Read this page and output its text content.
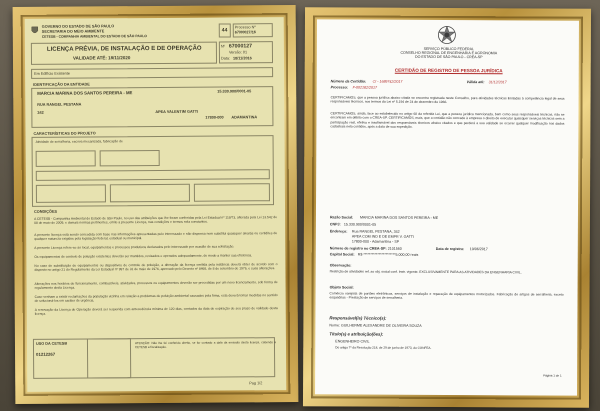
GOVERNO DO ESTADO DE SÃO PAULO
SECRETARIA DO MEIO AMBIENTE
CETESB - COMPANHIA AMBIENTAL DO ESTADO DE SÃO PAULO
44
Processo Nº
67/00027/16
LICENÇA PRÉVIA, DE INSTALAÇÃO E DE OPERAÇÃO
VALIDADE ATÉ: 18/11/2020
Nº 67000127
Versão: 01
Data: 18/11/2016
Em Edifício Existente
IDENTIFICAÇÃO DA ENTIDADE
MARCIA MARINA DOS SANTOS PEREIRA - ME	15.330.900/0001-05
RUA RANGEL PESTANA
342	APEA VALENTIM GATTI
17800-000 ADAMANTINA
CARACTERÍSTICAS DO PROJETO
Atividade de serralheria, escova mecanizada, fabricação de
CONDIÇÕES
A CETESB - Companhia Ambiental do Estado de São Paulo, no uso das atribuições que lhe foram conferidas pela Lei Estadual nº 118/73, alterada pela Lei 13.542 de 08 de maio de 2009, e demais normas pertinentes, emite a presente Licença, nas condições e termos nela constantes.
A presente licença está sendo concedida com base nas informações apresentadas pelo interessado e não dispensa nem substitui quaisquer alvarás ou certidões de qualquer natureza exigidos pela legislação federal, estadual ou municipal.
A presente Licença refere-se ao local, equipamentos e processos produtivos declarados pelo interessado por ocasião de sua solicitação.
Os equipamentos de controle de poluição existentes deverão ser mantidos, revisados e operados adequadamente, de modo a manter sua eficiência.
No caso de substituição de equipamentos ou dispositivos de controle de poluição, a alteração da licença emitida pela instância deverá obter de acordo com o disposto no artigo 21 do Regulamento da Lei Estadual nº 997 de 31 de maio de 1976, aprovado pelo Decreto nº 8468, de 8 de setembro de 1976, e suas alterações.
Alterações nos horários de funcionamento, combustíveis, atividades, processos ou equipamentos deverão ser precedidas por um novo licenciamento, sob forma de regulamento desta Licença.
Caso venham a existir reclamações da população vizinha em relação a problemas de poluição ambiental causados pela firma, esta deverá tomar medidas no sentido de solucioná-los em caráter de urgência.
A renovação da Licença de Operação deverá ser requerida com antecedência mínima de 120 dias, contados da data de expiração de seu prazo de validade desta licença.
USO DA CETESB
01212267
ATENÇÃO: Não lhe foi conferido direito, se for contado a data da emissão desta licença, cabendo a CETESB a fiscalização.
Pag 1/2
SERVIÇO PÚBLICO FEDERAL
CONSELHO REGIONAL DE ENGENHARIA E AGRONOMIA
DO ESTADO DE SÃO PAULO - CREA-SP
CERTIDÃO DE REGISTRO DE PESSOA JURÍDICA
Número da Certidão: CI - 1689742/2017	Válida até: 31/12/2017
Processo: F-002182/2017
CERTIFICAMOS, que a pessoa jurídica abaixo citada se encontra registrada neste Conselho, para atividades técnicas limitadas à competência legal de seus responsáveis técnicos, nos termos da Lei nº 5.194 de 24 de dezembro de 1966.
CERTIFICAMOS, ainda, face ao estabelecido no artigo 68 da referida Lei, que a pessoa jurídica mencionada, bem como seus responsáveis técnicos, não se encontram em débito com o CREA-SP. CERTIFICAMOS, mais, que a certidão não concede à empresa o direito de executar quaisquer serviços técnicos sem a participação real, efetiva e insofismável dos responsáveis técnicos abaixo citados e que perderá a sua validade se ocorrer qualquer modificação nos dados cadastrais nela contidos, após a data de sua expedição.
Razão Social: MARCIA MARINA DOS SANTOS PEREIRA - ME
CNPJ: 15.330.900/0001-05
Endereço: Rua RANGEL PESTANA, 342
APEA COM IND E DE EMPR V. GATTI
17800-000 - Adamantina - SP
Número de registro no CREA-SP: 2101560	Data de registro: 19/06/2017
Capital Social: R$ ***********************5.000,00 reais
Observação:
Restrição de atividades ref. ao obj. social conf. Instr. vigente. EXCLUSIVAMENTE PARA AS ATIVIDADES DA ENGENHARIA CIVIL.
Objeto Social:
Comércio varejista de portões eletrônicos, serviços de instalação e reparação de equipamentos motorizados. Fabricação de artigos de serralheria, exceto esquadrias - Prestação de serviços de serralheria.
Responsável(is) Técnico(s):
Nome: GUILHERME ALEXANDRE DE OLIVEIRA SOUZA
Título(s) e atribuição(ões):
ENGENHEIRO CIVIL
Do artigo 7º da Resolução 218, de 29 de junho de 1973, do CONFEA.
Página 1 de 1
